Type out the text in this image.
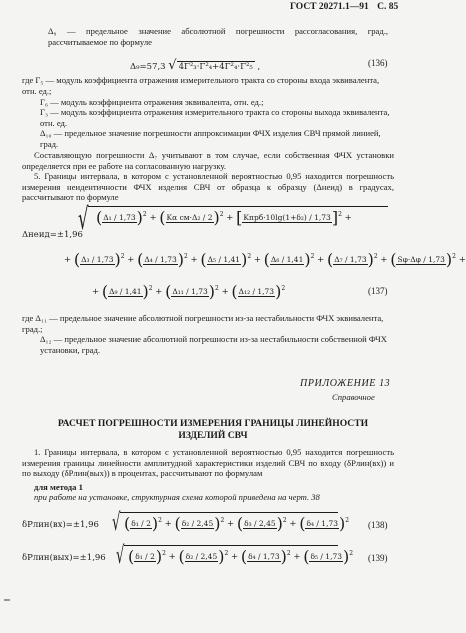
ГОСТ 20271.1—91 С. 85
Δ₉ — предельное значение абсолютной погрешности рассогласования, град., рассчитываемое по формуле
Δ₉=57,3 √ 4Γ²₃·Γ²₄+4Γ²₄·Γ²₅ ,	(136)
где Γ₅ — модуль коэффициента отражения измерительного тракта со стороны входа эквивалента, отн. ед.;
Γ₆ — модуль коэффициента отражения эквивалента, отн. ед.;
Γ₃ — модуль коэффициента отражения измерительного тракта со стороны выхода эквивалента, отн. ед.
Δ₁₀ — предельное значение погрешности аппроксимации ФЧХ изделия СВЧ прямой линией, град.
Составляющую погрешности Δ₇ учитывают в том случае, если собственная ФЧХ установки определяется при ее работе на согласованную нагрузку.
5. Границы интервала, в котором с установленной вероятностью 0,95 находится погрешность измерения неидентичности ФЧХ изделия СВЧ от образца к образцу (Δнеид) в градусах, рассчитывают по формуле
Δнеид=±1,96
√ ( Δ₁ / 1,73 )$^2$ + ( Kα см·Δ₂ / 2 )$^2$ + [ Kпрб·10lg(1+δ₂) / 1,73 ]$^2$ +
+ ( Δ₃ / 1,73 )$^2$ + ( Δ₄ / 1,73 )$^2$ + ( Δ₅ / 1,41 )$^2$ + ( Δ₆ / 1,41 )$^2$ + ( Δ₇ / 1,73 )$^2$ + ( Sφ·Δφ / 1,73 )$^2$ +
+ ( Δ₉ / 1,41 )$^2$ + ( Δ₁₁ / 1,73 )$^2$ + ( Δ₁₂ / 1,73 )$^2$	(137)
где Δ₁₁ — предельное значение абсолютной погрешности из-за нестабильности ФЧХ эквивалента, град.;
Δ₁₂ — предельное значение абсолютной погрешности из-за нестабильности собственной ФЧХ установки, град.
ПРИЛОЖЕНИЕ 13
Справочное
РАСЧЕТ ПОГРЕШНОСТИ ИЗМЕРЕНИЯ ГРАНИЦЫ ЛИНЕЙНОСТИ ИЗДЕЛИЙ СВЧ
1. Границы интервала, в котором с установленной вероятностью 0,95 находится погрешность измерения границы линейности амплитудной характеристики изделий СВЧ по входу (δPлин(вх)) и по выходу (δPлин(вых)) в процентах, рассчитывают по формулам
для метода 1
при работе на установке, структурная схема которой приведена на черт. 38
δPлин(вх)=±1,96 √ ( δ₁ / 2 )$^2$ + ( δ₂ / 2,45 )$^2$ + ( δ₃ / 2,45 )$^2$ + ( δ₄ / 1,73 )$^2$ (138)
δPлин(вых)=±1,96 √ ( δ₁ / 2 )$^2$ + ( δ₂ / 2,45 )$^2$ + ( δ₄ / 1,73 )$^2$ + ( δ₅ / 1,73 )$^2$ (139)
